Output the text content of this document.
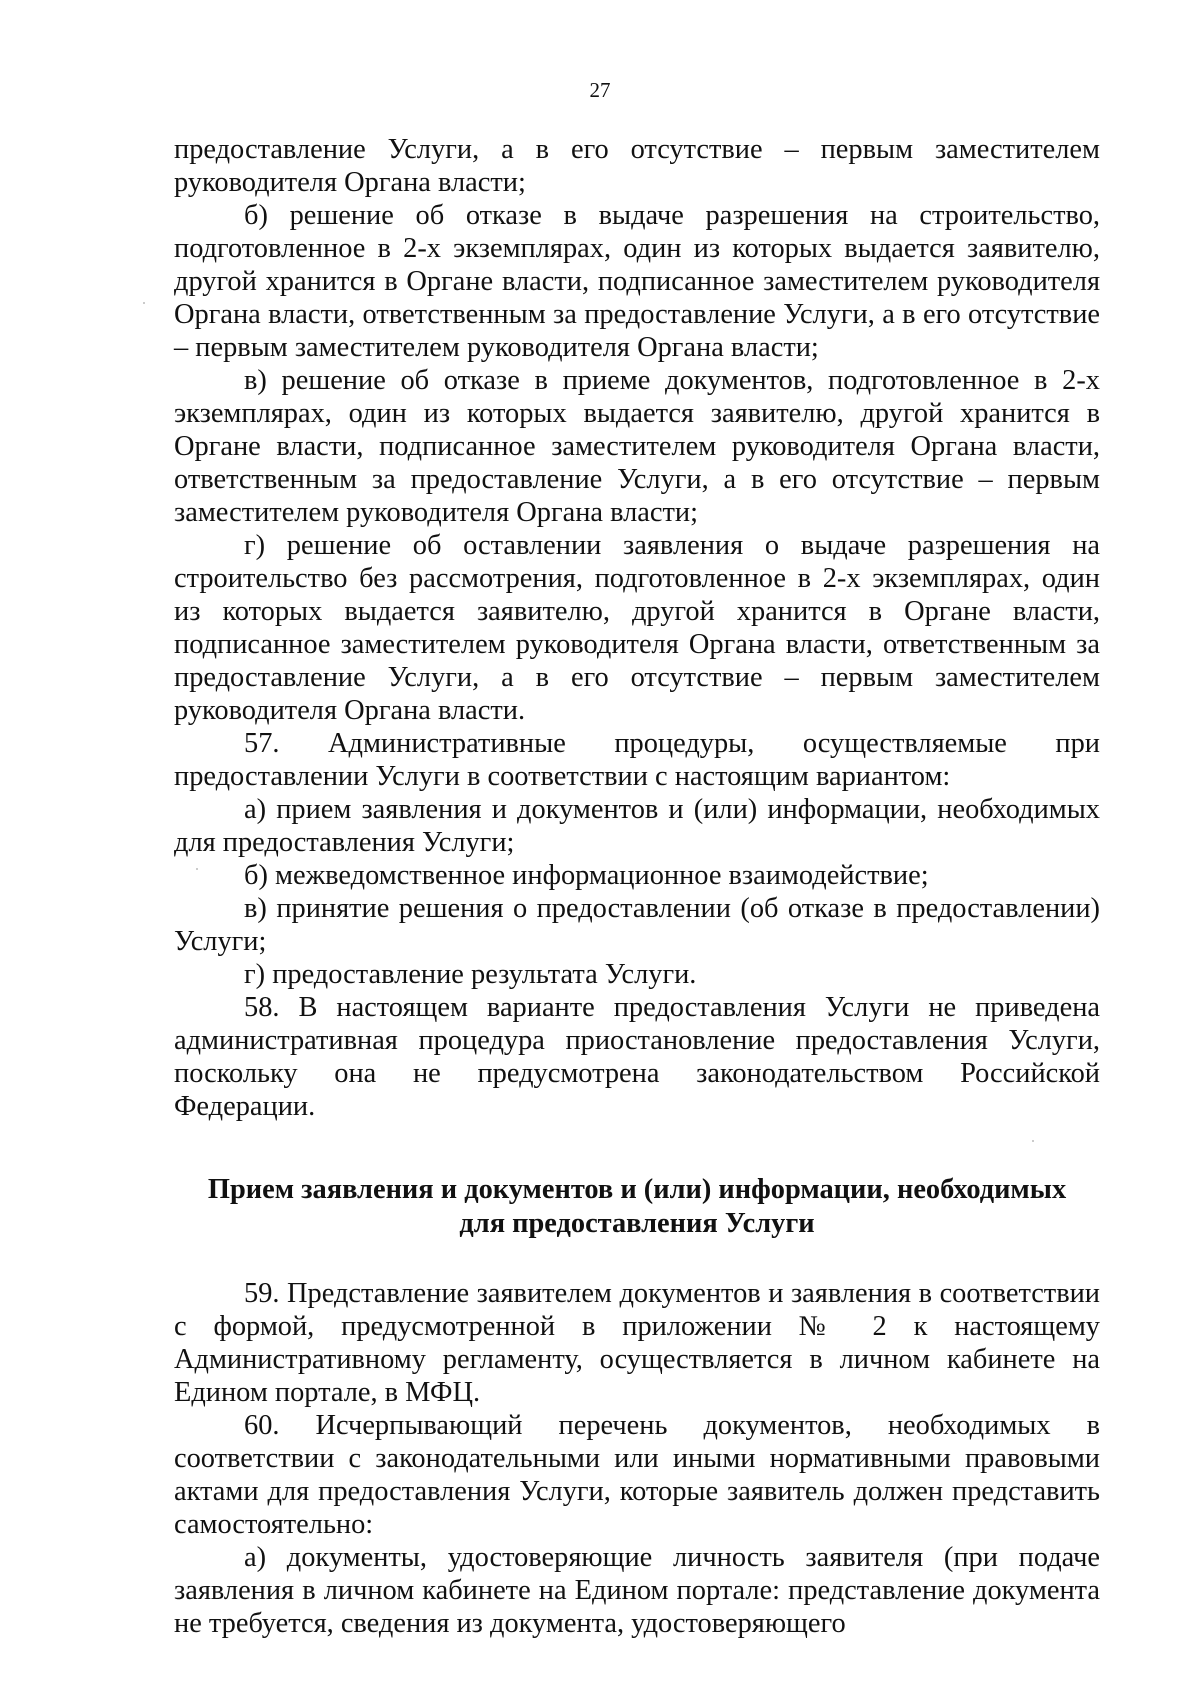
27

предоставление Услуги, а в его отсутствие – первым заместителем руководителя Органа власти;

б) решение об отказе в выдаче разрешения на строительство, подготовленное в 2-х экземплярах, один из которых выдается заявителю, другой хранится в Органе власти, подписанное заместителем руководителя Органа власти, ответственным за предоставление Услуги, а в его отсутствие – первым заместителем руководителя Органа власти;

в) решение об отказе в приеме документов, подготовленное в 2-х экземплярах, один из которых выдается заявителю, другой хранится в Органе власти, подписанное заместителем руководителя Органа власти, ответственным за предоставление Услуги, а в его отсутствие – первым заместителем руководителя Органа власти;

г) решение об оставлении заявления о выдаче разрешения на строительство без рассмотрения, подготовленное в 2-х экземплярах, один из которых выдается заявителю, другой хранится в Органе власти, подписанное заместителем руководителя Органа власти, ответственным за предоставление Услуги, а в его отсутствие – первым заместителем руководителя Органа власти.

57. Административные процедуры, осуществляемые при предоставлении Услуги в соответствии с настоящим вариантом:

а) прием заявления и документов и (или) информации, необходимых для предоставления Услуги;

б) межведомственное информационное взаимодействие;

в) принятие решения о предоставлении (об отказе в предоставлении) Услуги;

г) предоставление результата Услуги.

58. В настоящем варианте предоставления Услуги не приведена административная процедура приостановление предоставления Услуги, поскольку она не предусмотрена законодательством Российской Федерации.

Прием заявления и документов и (или) информации, необходимых
для предоставления Услуги

59. Представление заявителем документов и заявления в соответствии с формой, предусмотренной в приложении № 2 к настоящему Административному регламенту, осуществляется в личном кабинете на Едином портале, в МФЦ.

60. Исчерпывающий перечень документов, необходимых в соответствии с законодательными или иными нормативными правовыми актами для предоставления Услуги, которые заявитель должен представить самостоятельно:

а) документы, удостоверяющие личность заявителя (при подаче заявления в личном кабинете на Едином портале: представление документа не требуется, сведения из документа, удостоверяющего
